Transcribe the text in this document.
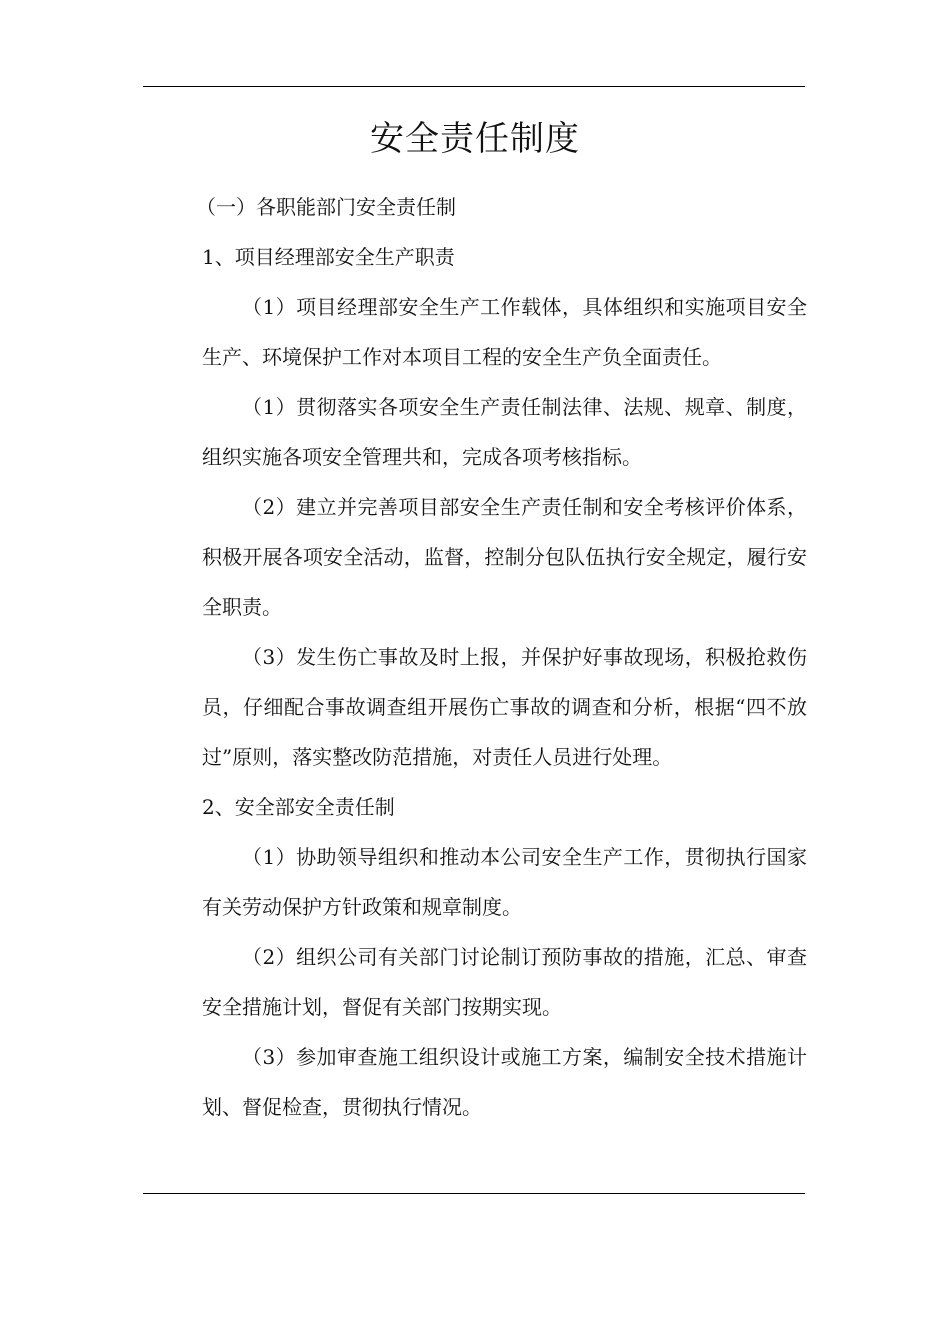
安全责任制度

（一）各职能部门安全责任制

1、项目经理部安全生产职责

（1）项目经理部安全生产工作载体，具体组织和实施项目安全生产、环境保护工作对本项目工程的安全生产负全面责任。

（1）贯彻落实各项安全生产责任制法律、法规、规章、制度，组织实施各项安全管理共和，完成各项考核指标。

（2）建立并完善项目部安全生产责任制和安全考核评价体系，积极开展各项安全活动，监督，控制分包队伍执行安全规定，履行安全职责。

（3）发生伤亡事故及时上报，并保护好事故现场，积极抢救伤员，仔细配合事故调查组开展伤亡事故的调查和分析，根据“四不放过”原则，落实整改防范措施，对责任人员进行处理。

2、安全部安全责任制

（1）协助领导组织和推动本公司安全生产工作，贯彻执行国家有关劳动保护方针政策和规章制度。

（2）组织公司有关部门讨论制订预防事故的措施，汇总、审查安全措施计划，督促有关部门按期实现。

（3）参加审查施工组织设计或施工方案，编制安全技术措施计划、督促检查，贯彻执行情况。
